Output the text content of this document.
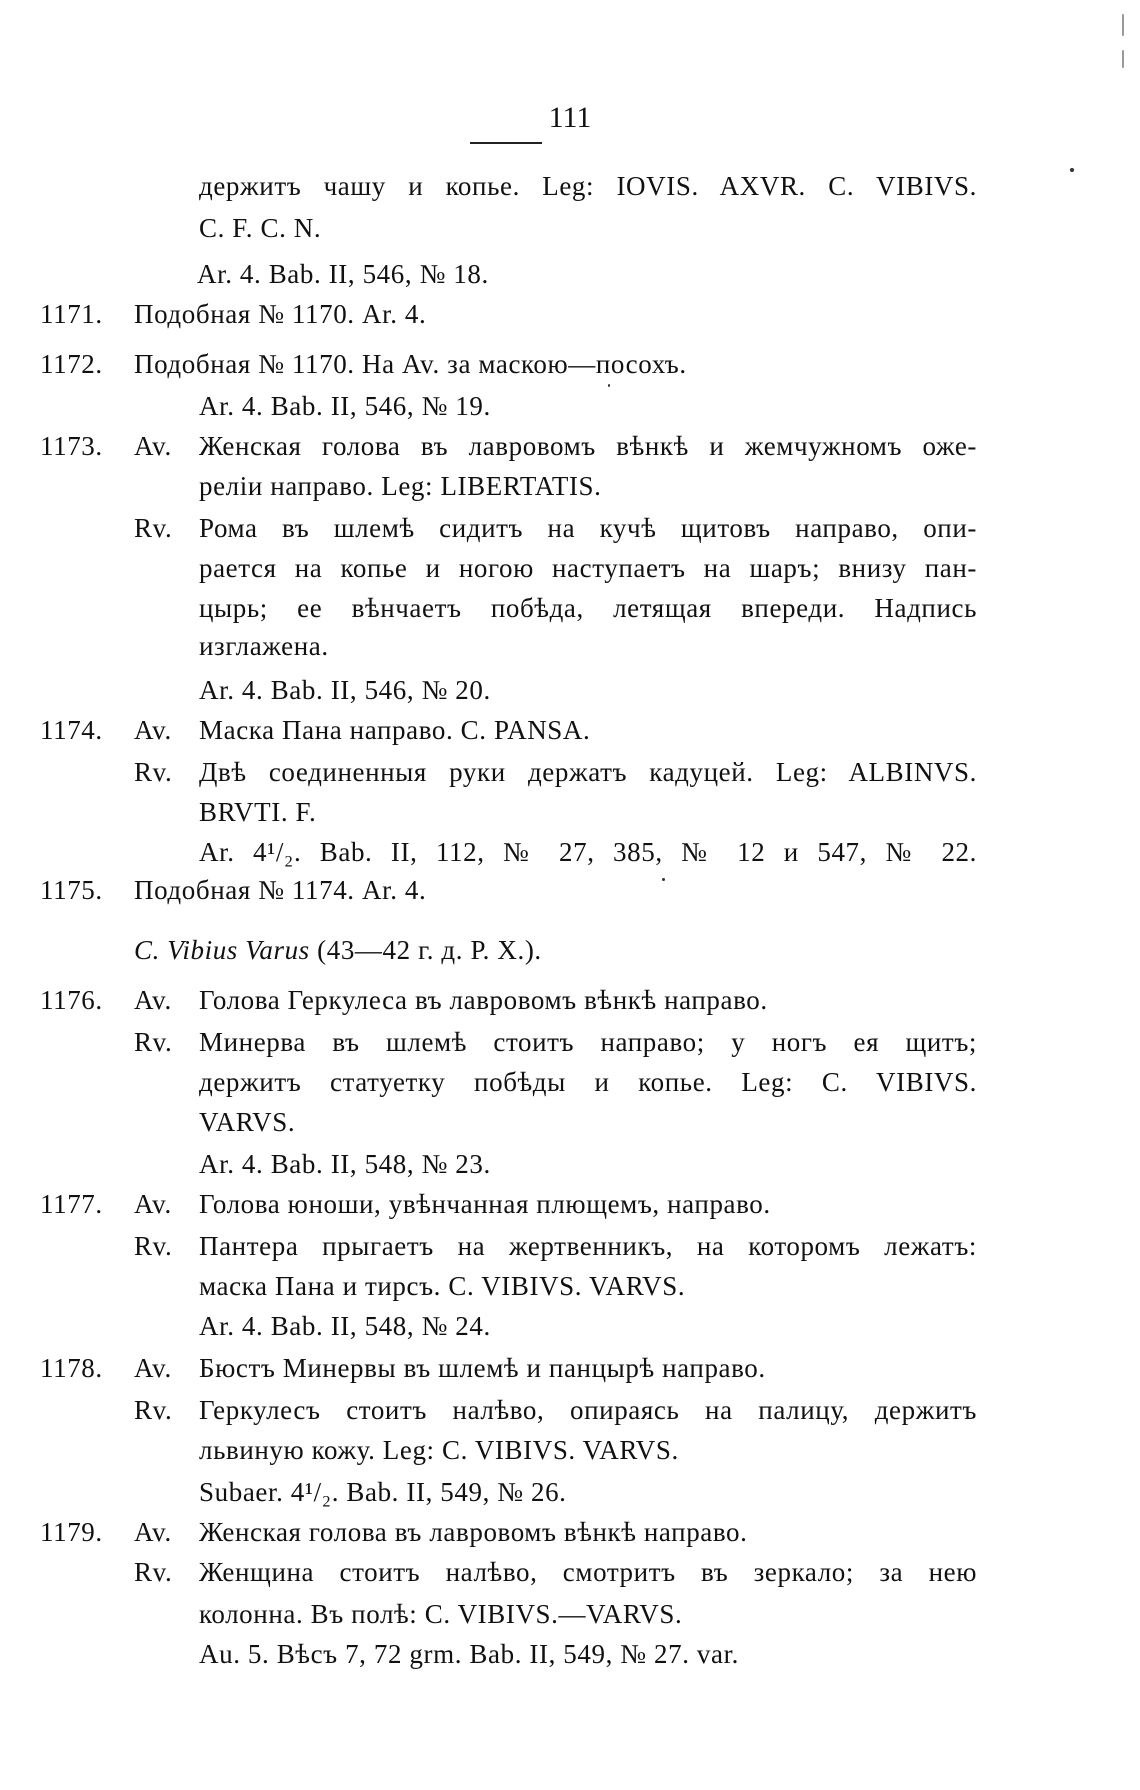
111
держитъ чашу и копье. Leg: IOVIS. AXVR. C. VIBIVS.
C. F. C. N.
Ar. 4. Bab. II, 546, № 18.
1171.	Подобная № 1170. Ar. 4.
1172.	Подобная № 1170. На Av. за маскою—посохъ.
Ar. 4. Bab. II, 546, № 19.
1173.	Av. Женская голова въ лавровомъ вѣнкѣ и жемчужномъ оже-
реліи направо. Leg: LIBERTATIS.
Rv. Рома въ шлемѣ сидитъ на кучѣ щитовъ направо, опи-
рается на копье и ногою наступаетъ на шаръ; внизу пан-
цырь; ее вѣнчаетъ побѣда, летящая впереди. Надпись
изглажена.
Ar. 4. Bab. II, 546, № 20.
1174.	Av. Маска Пана направо. C. PANSA.
Rv. Двѣ соединенныя руки держатъ кадуцей. Leg: ALBINVS.
BRVTI. F.
Ar. 4¹/₂. Bab. II, 112, № 27, 385, № 12 и 547, № 22.
1175.	Подобная № 1174. Ar. 4.
C. Vibius Varus (43—42 г. д. Р. X.).
1176.	Av. Голова Геркулеса въ лавровомъ вѣнкѣ направо.
Rv. Минерва въ шлемѣ стоитъ направо; у ногъ ея щитъ;
держитъ статуетку побѣды и копье. Leg: C. VIBIVS.
VARVS.
Ar. 4. Bab. II, 548, № 23.
1177.	Av. Голова юноши, увѣнчанная плющемъ, направо.
Rv. Пантера прыгаетъ на жертвенникъ, на которомъ лежатъ:
маска Пана и тирсъ. C. VIBIVS. VARVS.
Ar. 4. Bab. II, 548, № 24.
1178.	Av. Бюстъ Минервы въ шлемѣ и панцырѣ направо.
Rv. Геркулесъ стоитъ налѣво, опираясь на палицу, держитъ
львиную кожу. Leg: C. VIBIVS. VARVS.
Subaer. 4¹/₂. Bab. II, 549, № 26.
1179.	Av. Женская голова въ лавровомъ вѣнкѣ направо.
Rv. Женщина стоитъ налѣво, смотритъ въ зеркало; за нею
колонна. Въ полѣ: C. VIBIVS.—VARVS.
Au. 5. Вѣсъ 7, 72 grm. Bab. II, 549, № 27. var.
